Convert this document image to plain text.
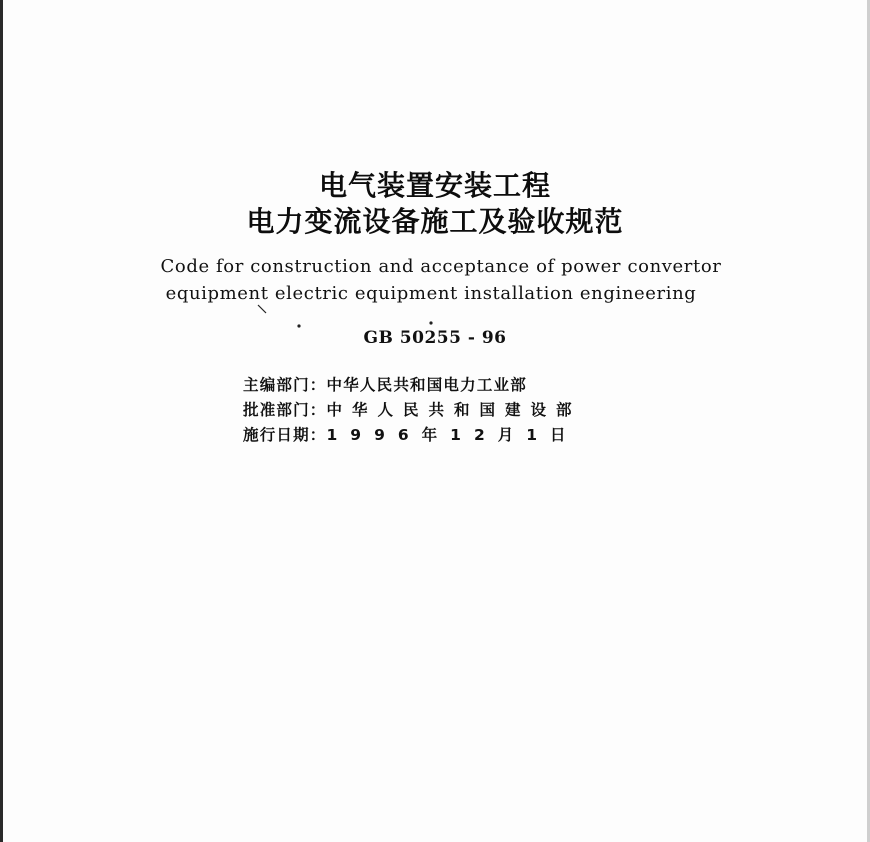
电气装置安装工程
电力变流设备施工及验收规范
Code for construction and acceptance of power convertor
equipment electric equipment installation engineering
GB 50255 - 96
主编部门：中华人民共和国电力工业部
批准部门：中华人民共和国建设部
施行日期：1996年12月1日
